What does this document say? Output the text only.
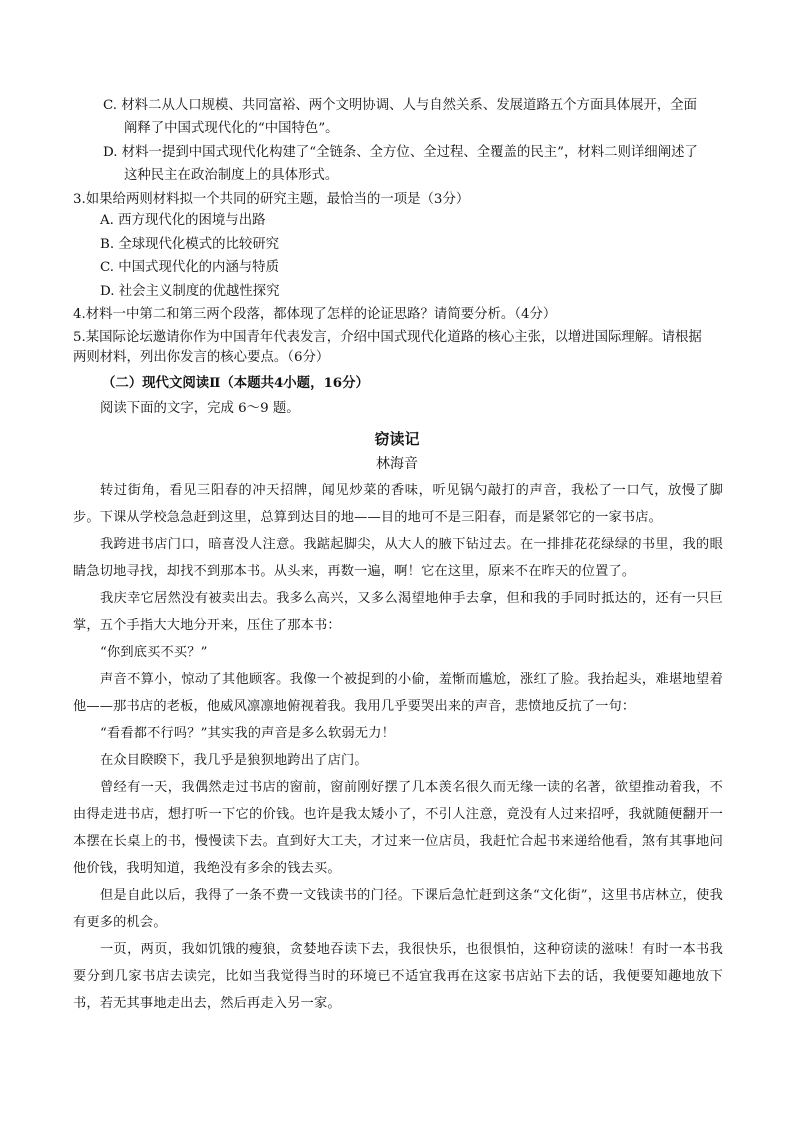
C. 材料二从人口规模、共同富裕、两个文明协调、人与自然关系、发展道路五个方面具体展开，全面
阐释了中国式现代化的“中国特色”。
D. 材料一提到中国式现代化构建了“全链条、全方位、全过程、全覆盖的民主”，材料二则详细阐述了
这种民主在政治制度上的具体形式。
3.如果给两则材料拟一个共同的研究主题，最恰当的一项是（3分）
A. 西方现代化的困境与出路
B. 全球现代化模式的比较研究
C. 中国式现代化的内涵与特质
D. 社会主义制度的优越性探究
4.材料一中第二和第三两个段落，都体现了怎样的论证思路？请简要分析。（4分）
5.某国际论坛邀请你作为中国青年代表发言，介绍中国式现代化道路的核心主张，以增进国际理解。请根据
两则材料，列出你发言的核心要点。（6分）
（二）现代文阅读Ⅱ（本题共4小题，16分）
阅读下面的文字，完成 6～9 题。
窃读记
林海音

转过街角，看见三阳春的冲天招牌，闻见炒菜的香味，听见锅勺敲打的声音，我松了一口气，放慢了脚步。下课从学校急急赶到这里，总算到达目的地——目的地可不是三阳春，而是紧邻它的一家书店。

我跨进书店门口，暗喜没人注意。我踮起脚尖，从大人的腋下钻过去。在一排排花花绿绿的书里，我的眼睛急切地寻找，却找不到那本书。从头来，再数一遍，啊！它在这里，原来不在昨天的位置了。

我庆幸它居然没有被卖出去。我多么高兴，又多么渴望地伸手去拿，但和我的手同时抵达的，还有一只巨掌，五个手指大大地分开来，压住了那本书：

“你到底买不买？”

声音不算小，惊动了其他顾客。我像一个被捉到的小偷，羞惭而尴尬，涨红了脸。我抬起头，难堪地望着他——那书店的老板，他威风凛凛地俯视着我。我用几乎要哭出来的声音，悲愤地反抗了一句：

“看看都不行吗？”其实我的声音是多么软弱无力！

在众目睽睽下，我几乎是狼狈地跨出了店门。

曾经有一天，我偶然走过书店的窗前，窗前刚好摆了几本羡名很久而无缘一读的名著，欲望推动着我，不由得走进书店，想打听一下它的价钱。也许是我太矮小了，不引人注意，竟没有人过来招呼，我就随便翻开一本摆在长桌上的书，慢慢读下去。直到好大工夫，才过来一位店员，我赶忙合起书来递给他看，煞有其事地问他价钱，我明知道，我绝没有多余的钱去买。

但是自此以后，我得了一条不费一文钱读书的门径。下课后急忙赶到这条“文化街”，这里书店林立，使我有更多的机会。

一页，两页，我如饥饿的瘦狼，贪婪地吞读下去，我很快乐，也很惧怕，这种窃读的滋味！有时一本书我要分到几家书店去读完，比如当我觉得当时的环境已不适宜我再在这家书店站下去的话，我便要知趣地放下书，若无其事地走出去，然后再走入另一家。
